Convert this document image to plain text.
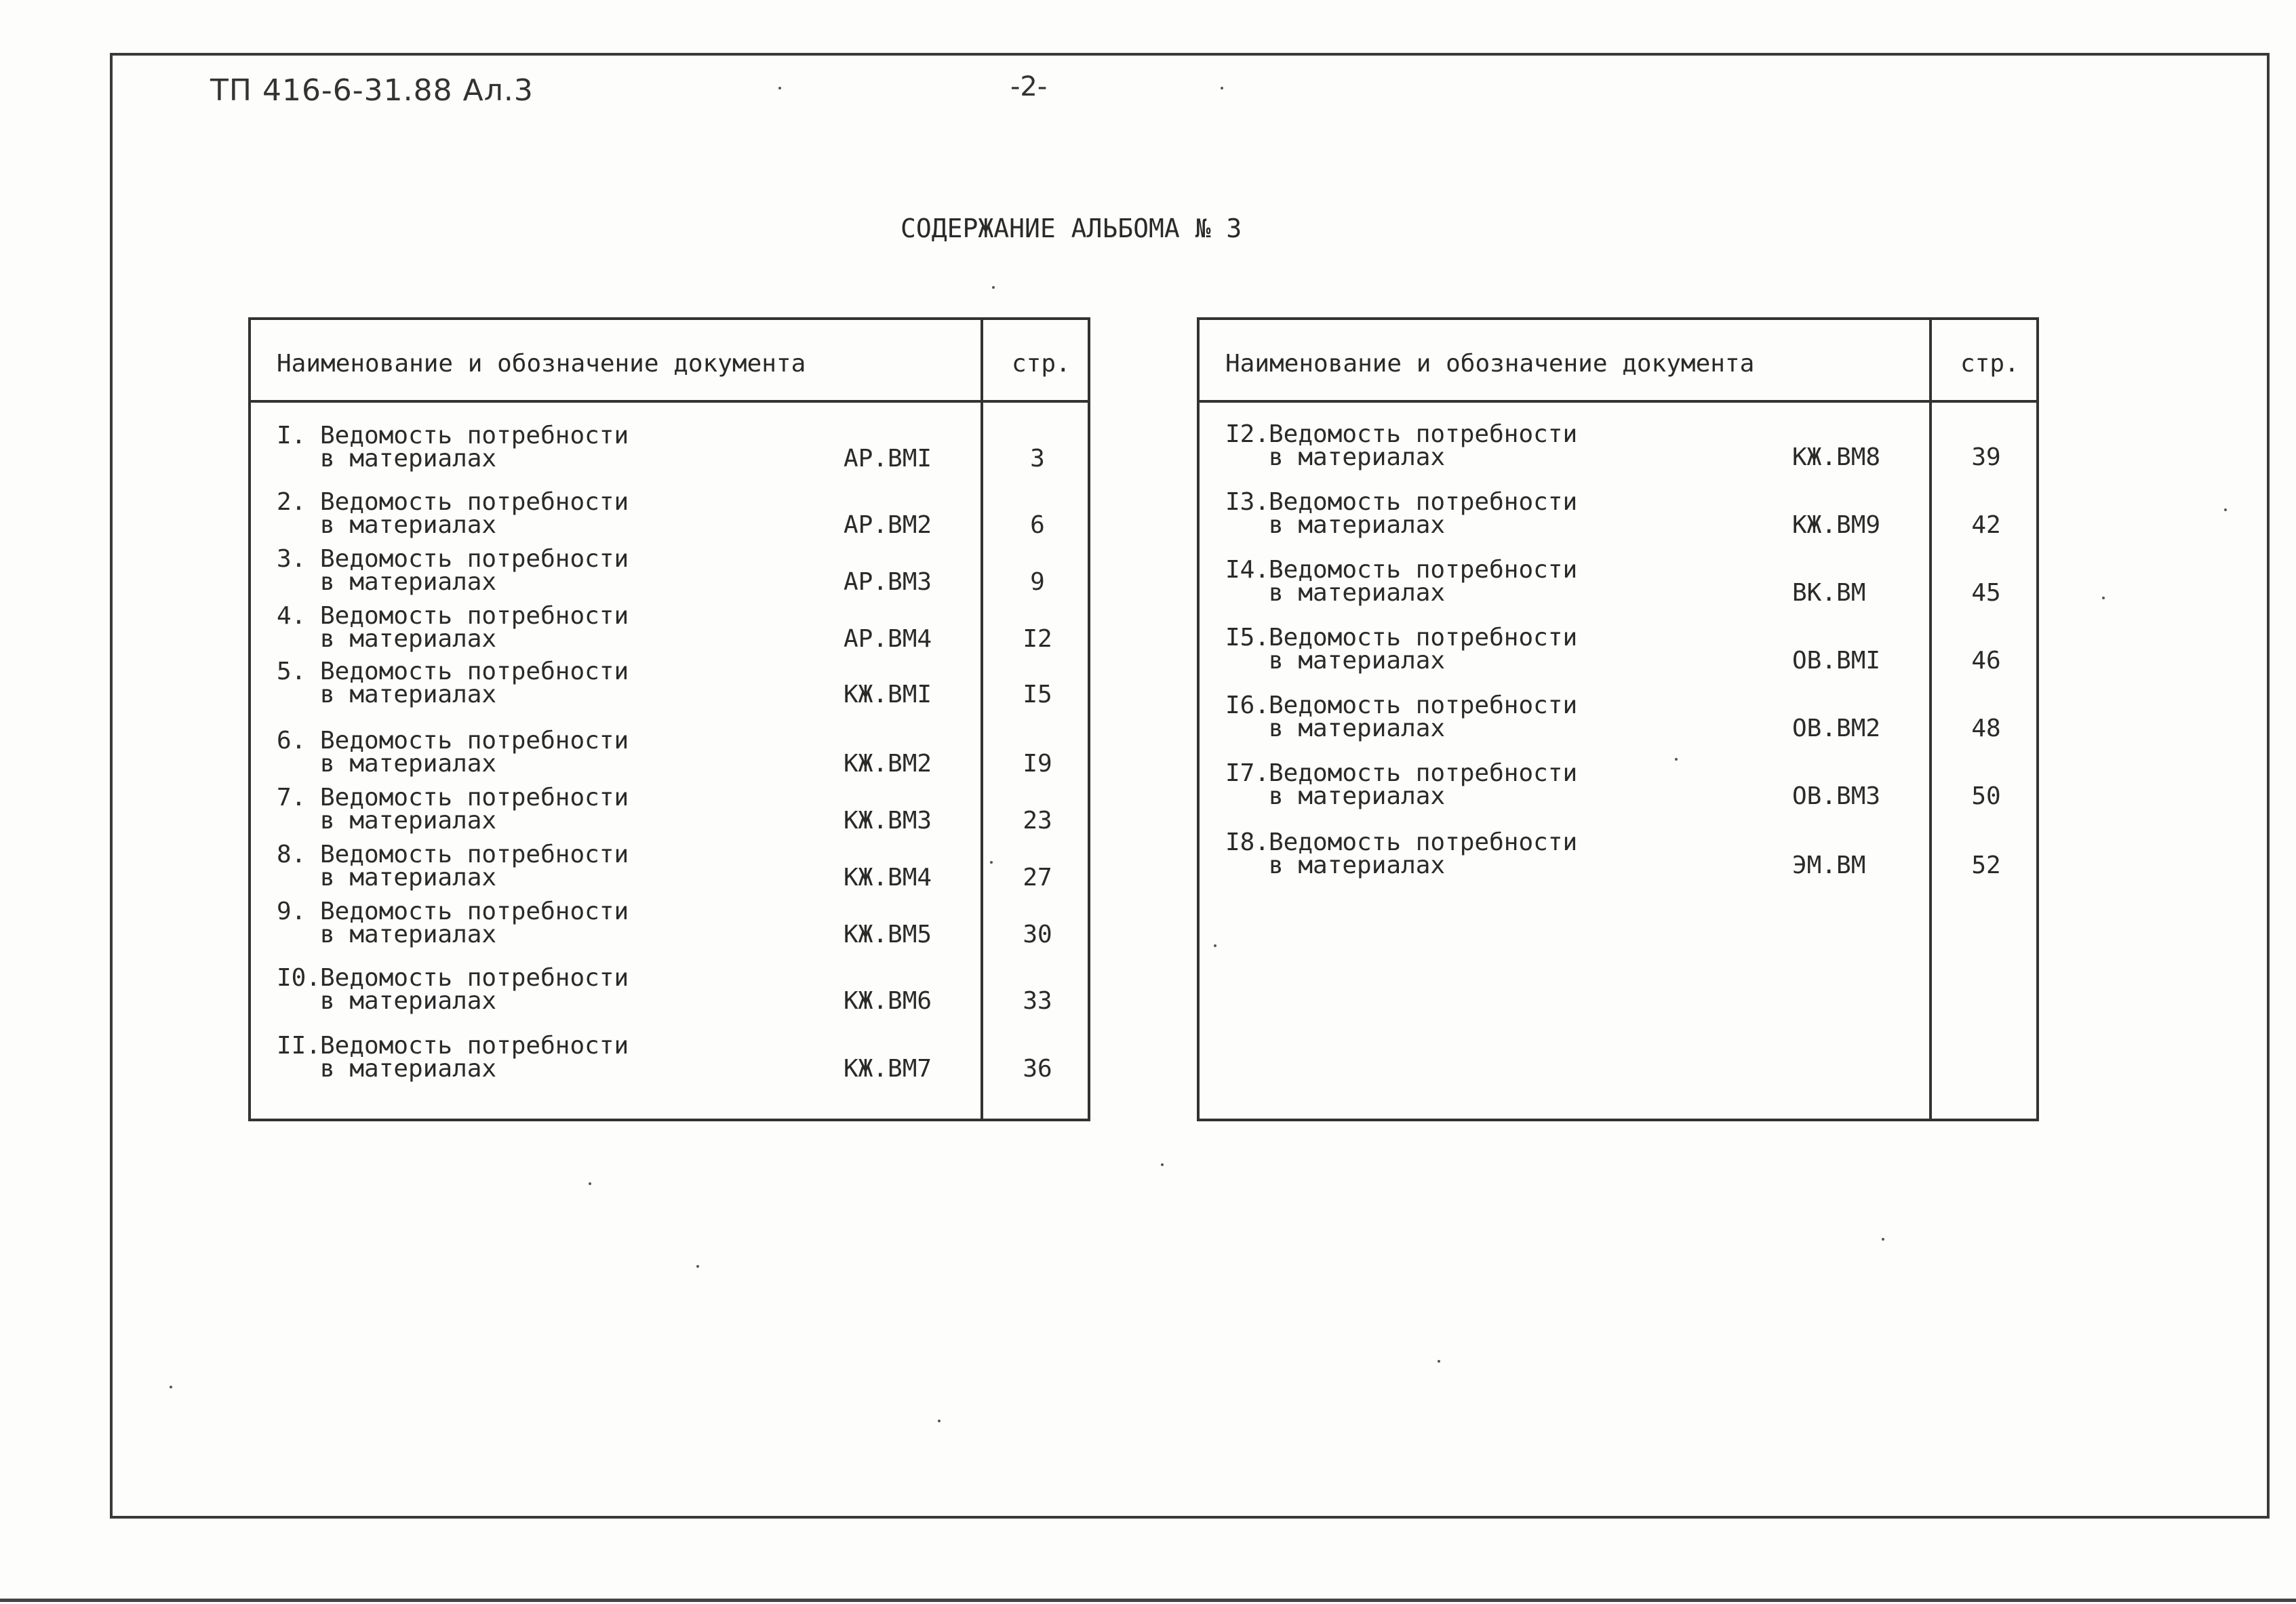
ТП 416-6-31.88 Ал.3	-2-
СОДЕРЖАНИЕ АЛЬБОМА № 3
Наименование и обозначение документа	стр.
I. Ведомость потребности
в материалах	АР.ВМI	3
2. Ведомость потребности
в материалах	АР.ВМ2	6
3. Ведомость потребности
в материалах	АР.ВМ3	9
4. Ведомость потребности
в материалах	АР.ВМ4	I2
5. Ведомость потребности
в материалах	КЖ.ВМI	I5
6. Ведомость потребности
в материалах	КЖ.ВМ2	I9
7. Ведомость потребности
в материалах	КЖ.ВМ3	23
8. Ведомость потребности
в материалах	КЖ.ВМ4	27
9. Ведомость потребности
в материалах	КЖ.ВМ5	30
I0.
Ведомость потребности
в материалах	КЖ.ВМ6	33
II.
Ведомость потребности
в материалах	КЖ.ВМ7	36
Наименование и обозначение документа	стр.
I2.
Ведомость потребности
в материалах	КЖ.ВМ8	39
I3.
Ведомость потребности
в материалах	КЖ.ВМ9	42
I4.
Ведомость потребности
в материалах	ВК.ВМ	45
I5.
Ведомость потребности
в материалах	ОВ.ВМI	46
I6.
Ведомость потребности
в материалах	ОВ.ВМ2	48
I7.
Ведомость потребности
в материалах	ОВ.ВМ3	50
I8.
Ведомость потребности
в материалах	ЭМ.ВМ	52
